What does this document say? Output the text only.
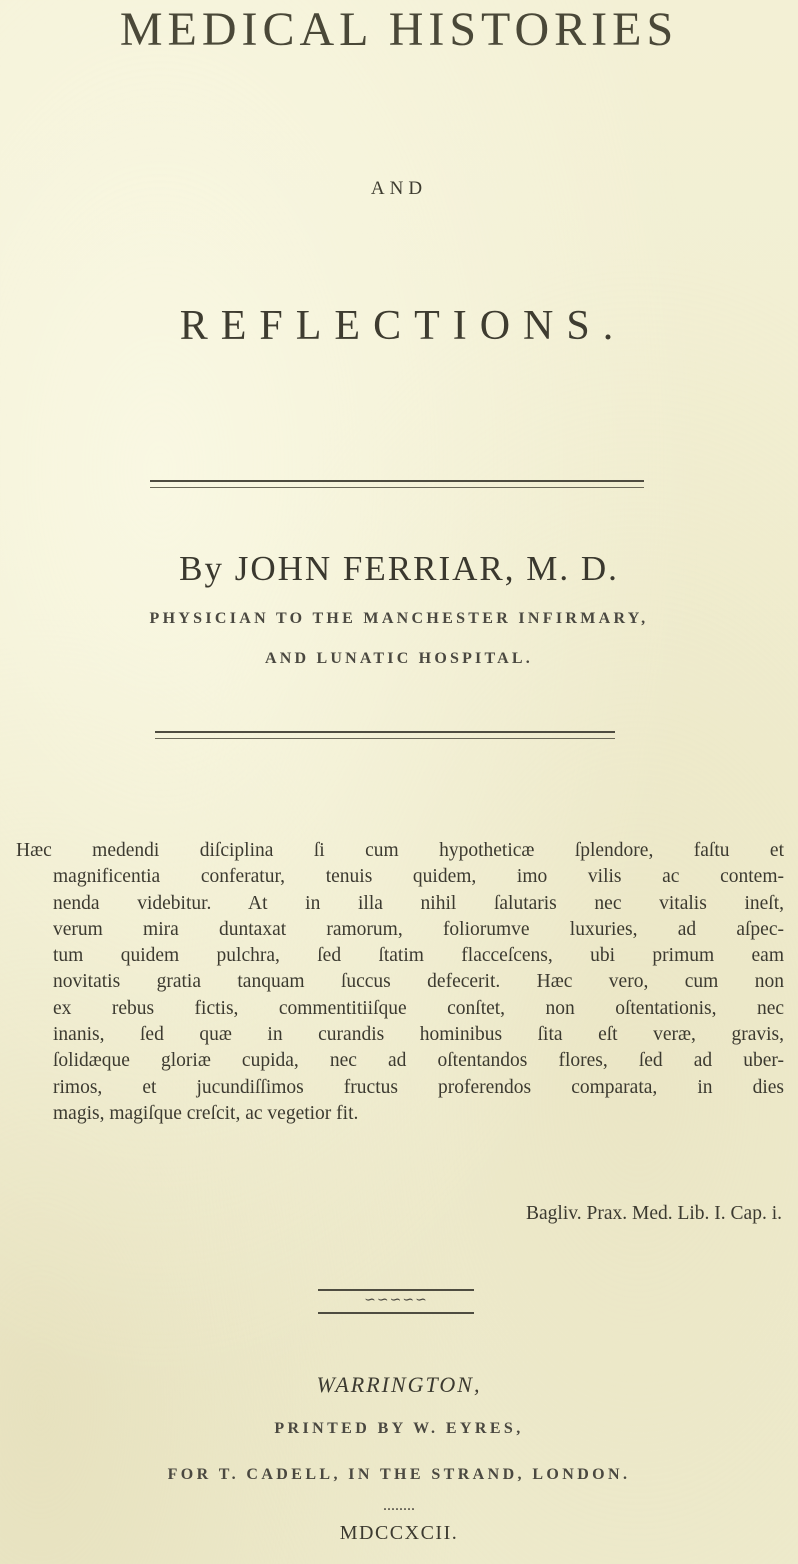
MEDICAL HISTORIES
AND
REFLECTIONS.
By JOHN FERRIAR, M. D.
PHYSICIAN TO THE MANCHESTER INFIRMARY,
AND LUNATIC HOSPITAL.
Hæc medendi diſciplina ſi cum hypotheticæ ſplendore, faſtu et
magnificentia conferatur, tenuis quidem, imo vilis ac contem-
nenda videbitur. At in illa nihil ſalutaris nec vitalis ineſt,
verum mira duntaxat ramorum, foliorumve luxuries, ad aſpec-
tum quidem pulchra, ſed ſtatim flacceſcens, ubi primum eam
novitatis gratia tanquam ſuccus defecerit. Hæc vero, cum non
ex rebus fictis, commentitiiſque conſtet, non oſtentationis, nec
inanis, ſed quæ in curandis hominibus ſita eſt veræ, gravis,
ſolidæque gloriæ cupida, nec ad oſtentandos flores, ſed ad uber-
rimos, et jucundiſſimos fructus proferendos comparata, in dies
magis, magiſque creſcit, ac vegetior fit.
Bagliv. Prax. Med. Lib. I. Cap. i.
∽∽∽∽∽
WARRINGTON,
PRINTED BY W. EYRES,
FOR T. CADELL, IN THE STRAND, LONDON.
········
MDCCXCII.
